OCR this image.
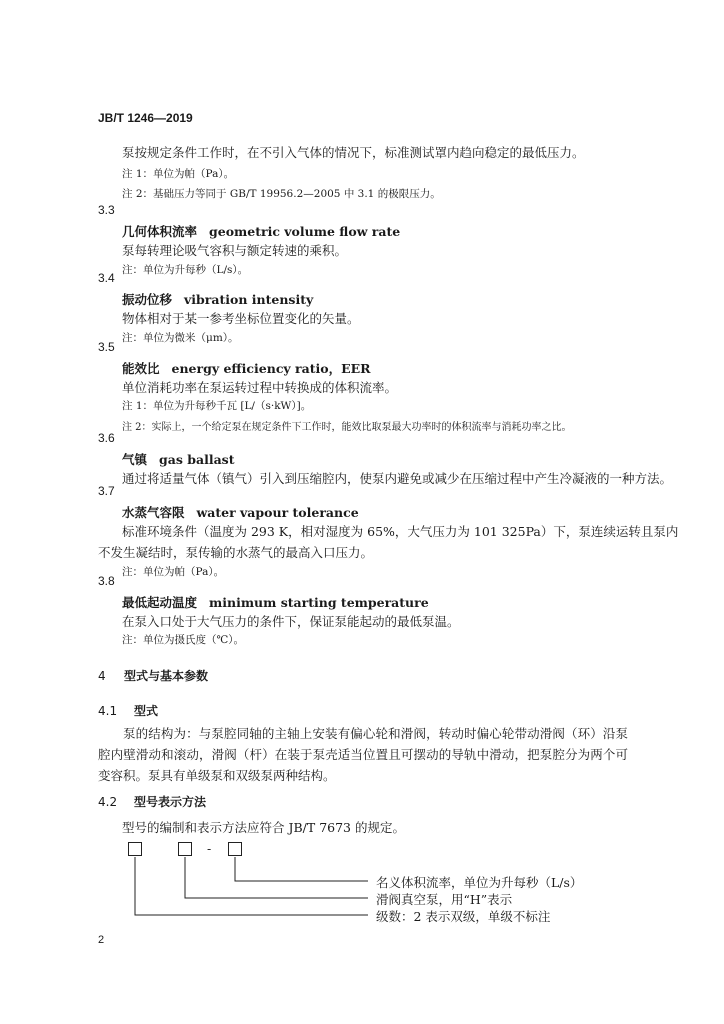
JB/T 1246—2019
泵按规定条件工作时，在不引入气体的情况下，标准测试罩内趋向稳定的最低压力。
注 1：单位为帕（Pa）。
注 2：基础压力等同于 GB/T 19956.2—2005 中 3.1 的极限压力。
3.3
几何体积流率 geometric volume flow rate
泵每转理论吸气容积与额定转速的乘积。
注：单位为升每秒（L/s）。
3.4
振动位移 vibration intensity
物体相对于某一参考坐标位置变化的矢量。
注：单位为微米（μm）。
3.5
能效比 energy efficiency ratio，EER
单位消耗功率在泵运转过程中转换成的体积流率。
注 1：单位为升每秒千瓦 [L/（s·kW）]。
注 2：实际上，一个给定泵在规定条件下工作时，能效比取泵最大功率时的体积流率与消耗功率之比。
3.6
气镇 gas ballast
通过将适量气体（镇气）引入到压缩腔内，使泵内避免或减少在压缩过程中产生冷凝液的一种方法。
3.7
水蒸气容限 water vapour tolerance
标准环境条件（温度为 293 K，相对湿度为 65%，大气压力为 101 325Pa）下，泵连续运转且泵内
不发生凝结时，泵传输的水蒸气的最高入口压力。
注：单位为帕（Pa）。
3.8
最低起动温度 minimum starting temperature
在泵入口处于大气压力的条件下，保证泵能起动的最低泵温。
注：单位为摄氏度（℃）。
4 型式与基本参数
4.1 型式
泵的结构为：与泵腔同轴的主轴上安装有偏心轮和滑阀，转动时偏心轮带动滑阀（环）沿泵腔内壁滑动和滚动，滑阀（杆）在装于泵壳适当位置且可摆动的导轨中滑动，把泵腔分为两个可变容积。泵具有单级泵和双级泵两种结构。
4.2 型号表示方法
型号的编制和表示方法应符合 JB/T 7673 的规定。
-
名义体积流率，单位为升每秒（L/s）
滑阀真空泵，用“H”表示
级数：2 表示双级，单级不标注
2
